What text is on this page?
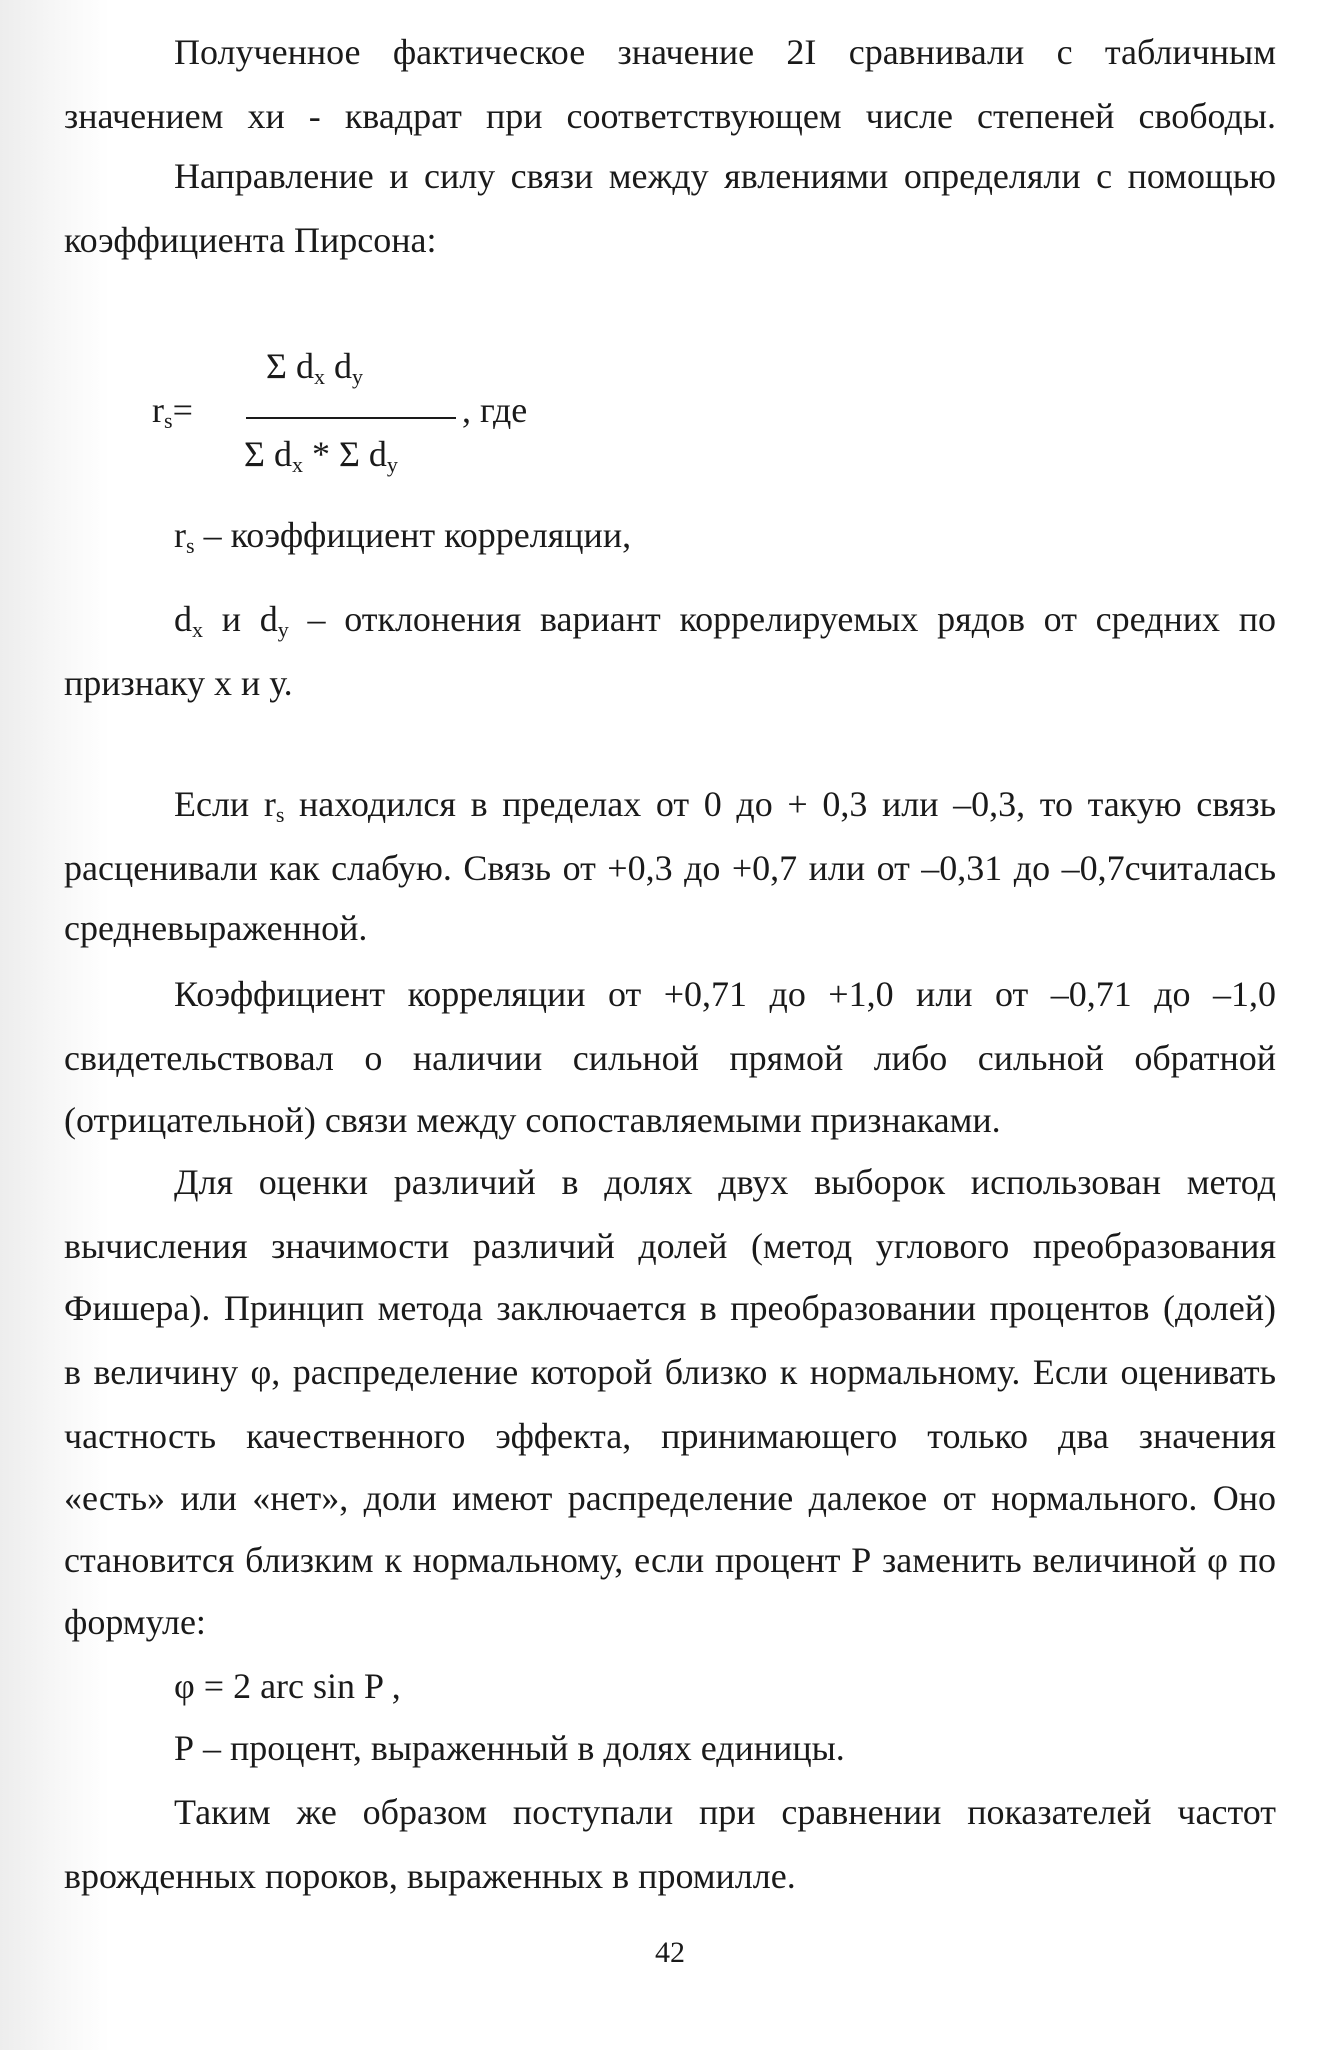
Полученное фактическое значение 2I сравнивали с табличным
значением хи - квадрат при соответствующем числе степеней свободы.
Направление и силу связи между явлениями определяли с помощью
коэффициента Пирсона:
Σ $d_x$ $d_y$
$r_s=$	, где
Σ $d_x$ * Σ $d_y$
$r_s$ – коэффициент корреляции,
$d_x$ и $d_y$ – отклонения вариант коррелируемых рядов от средних по
признаку х и у.
Если $r_s$ находился в пределах от 0 до + 0,3 или –0,3, то такую связь
расценивали как слабую. Связь от +0,3 до +0,7 или от –0,31 до –0,7считалась
средневыраженной.
Коэффициент корреляции от +0,71 до +1,0 или от –0,71 до –1,0
свидетельствовал о наличии сильной прямой либо сильной обратной
(отрицательной) связи между сопоставляемыми признаками.
Для оценки различий в долях двух выборок использован метод
вычисления значимости различий долей (метод углового преобразования
Фишера). Принцип метода заключается в преобразовании процентов (долей)
в величину φ, распределение которой близко к нормальному. Если оценивать
частность качественного эффекта, принимающего только два значения
«есть» или «нет», доли имеют распределение далекое от нормального. Оно
становится близким к нормальному, если процент Р заменить величиной φ по
формуле:
φ = 2 arc sin P ,
Р – процент, выраженный в долях единицы.
Таким же образом поступали при сравнении показателей частот
врожденных пороков, выраженных в промилле.
42
